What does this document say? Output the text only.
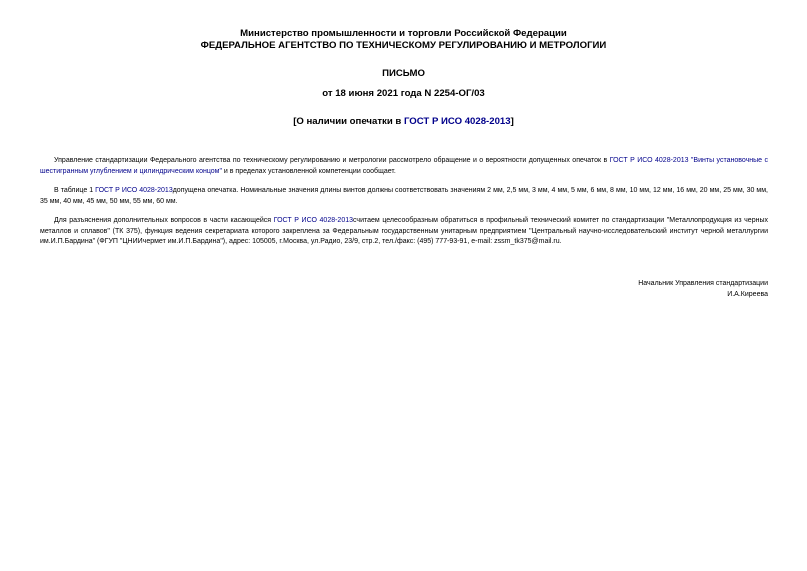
Министерство промышленности и торговли Российской Федерации
ФЕДЕРАЛЬНОЕ АГЕНТСТВО ПО ТЕХНИЧЕСКОМУ РЕГУЛИРОВАНИЮ И МЕТРОЛОГИИ
ПИСЬМО
от 18 июня 2021 года N 2254-ОГ/03
[О наличии опечатки в ГОСТ Р ИСО 4028-2013]
Управление стандартизации Федерального агентства по техническому регулированию и метрологии рассмотрело обращение и о вероятности допущенных опечаток в ГОСТ Р ИСО 4028-2013 "Винты установочные с шестигранным углублением и цилиндрическим концом" и в пределах установленной компетенции сообщает.
В таблице 1 ГОСТ Р ИСО 4028-2013допущена опечатка. Номинальные значения длины винтов должны соответствовать значениям 2 мм, 2,5 мм, 3 мм, 4 мм, 5 мм, 6 мм, 8 мм, 10 мм, 12 мм, 16 мм, 20 мм, 25 мм, 30 мм, 35 мм, 40 мм, 45 мм, 50 мм, 55 мм, 60 мм.
Для разъяснения дополнительных вопросов в части касающейся ГОСТ Р ИСО 4028-2013считаем целесообразным обратиться в профильный технический комитет по стандартизации "Металлопродукция из черных металлов и сплавов" (ТК 375), функция ведения секретариата которого закреплена за Федеральным государственным унитарным предприятием "Центральный научно-исследовательский институт черной металлургии им.И.П.Бардина" (ФГУП "ЦНИИчермет им.И.П.Бардина"), адрес: 105005, г.Москва, ул.Радио, 23/9, стр.2, тел./факс: (495) 777-93-91, e-mail: zssm_tk375@mail.ru.
Начальник Управления стандартизации
И.А.Киреева
